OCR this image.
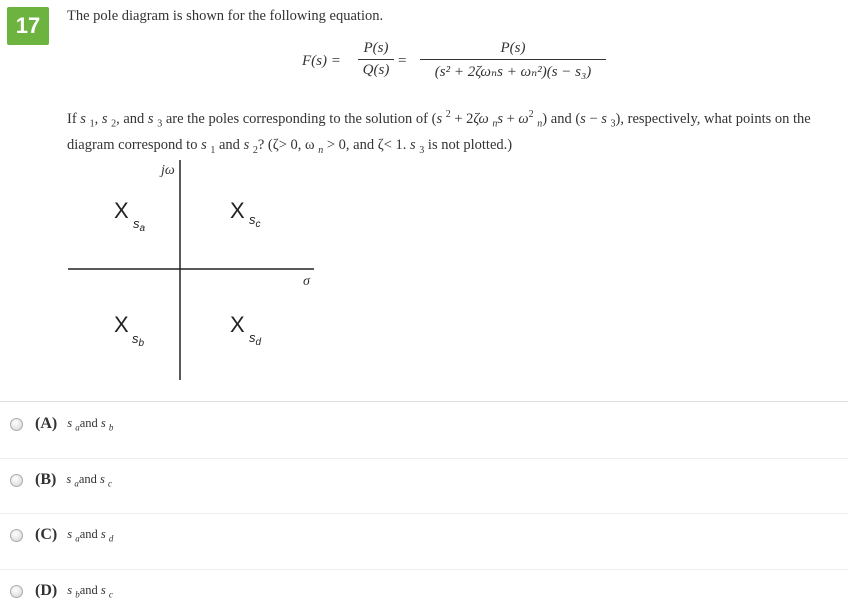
17	The pole diagram is shown for the following equation.
F(s) =
P(s)
Q(s)
=
P(s)
(s² + 2ζωₙs + ωₙ²)(s − s₃)
If s $_1$, s $_2$, and s $_3$ are the poles corresponding to the solution of (s $^2$ + 2ζω $_ns + \omega^2$ $_n$) and (s − s $_3$), respectively, what points on the diagram correspond to s $_1$ and s $_2$? (ζ> 0, ω $_n$ > 0, and ζ< 1. s $_3$ is not plotted.)
jω
σ
X
$s_a$
X $s_c$
X
$s_b$
X
$s_d$
(A) s $_a$and s $_b$
(B) s $_a$and s $_c$
(C) s $_a$and s $_d$
(D) s $_b$and s $_c$
